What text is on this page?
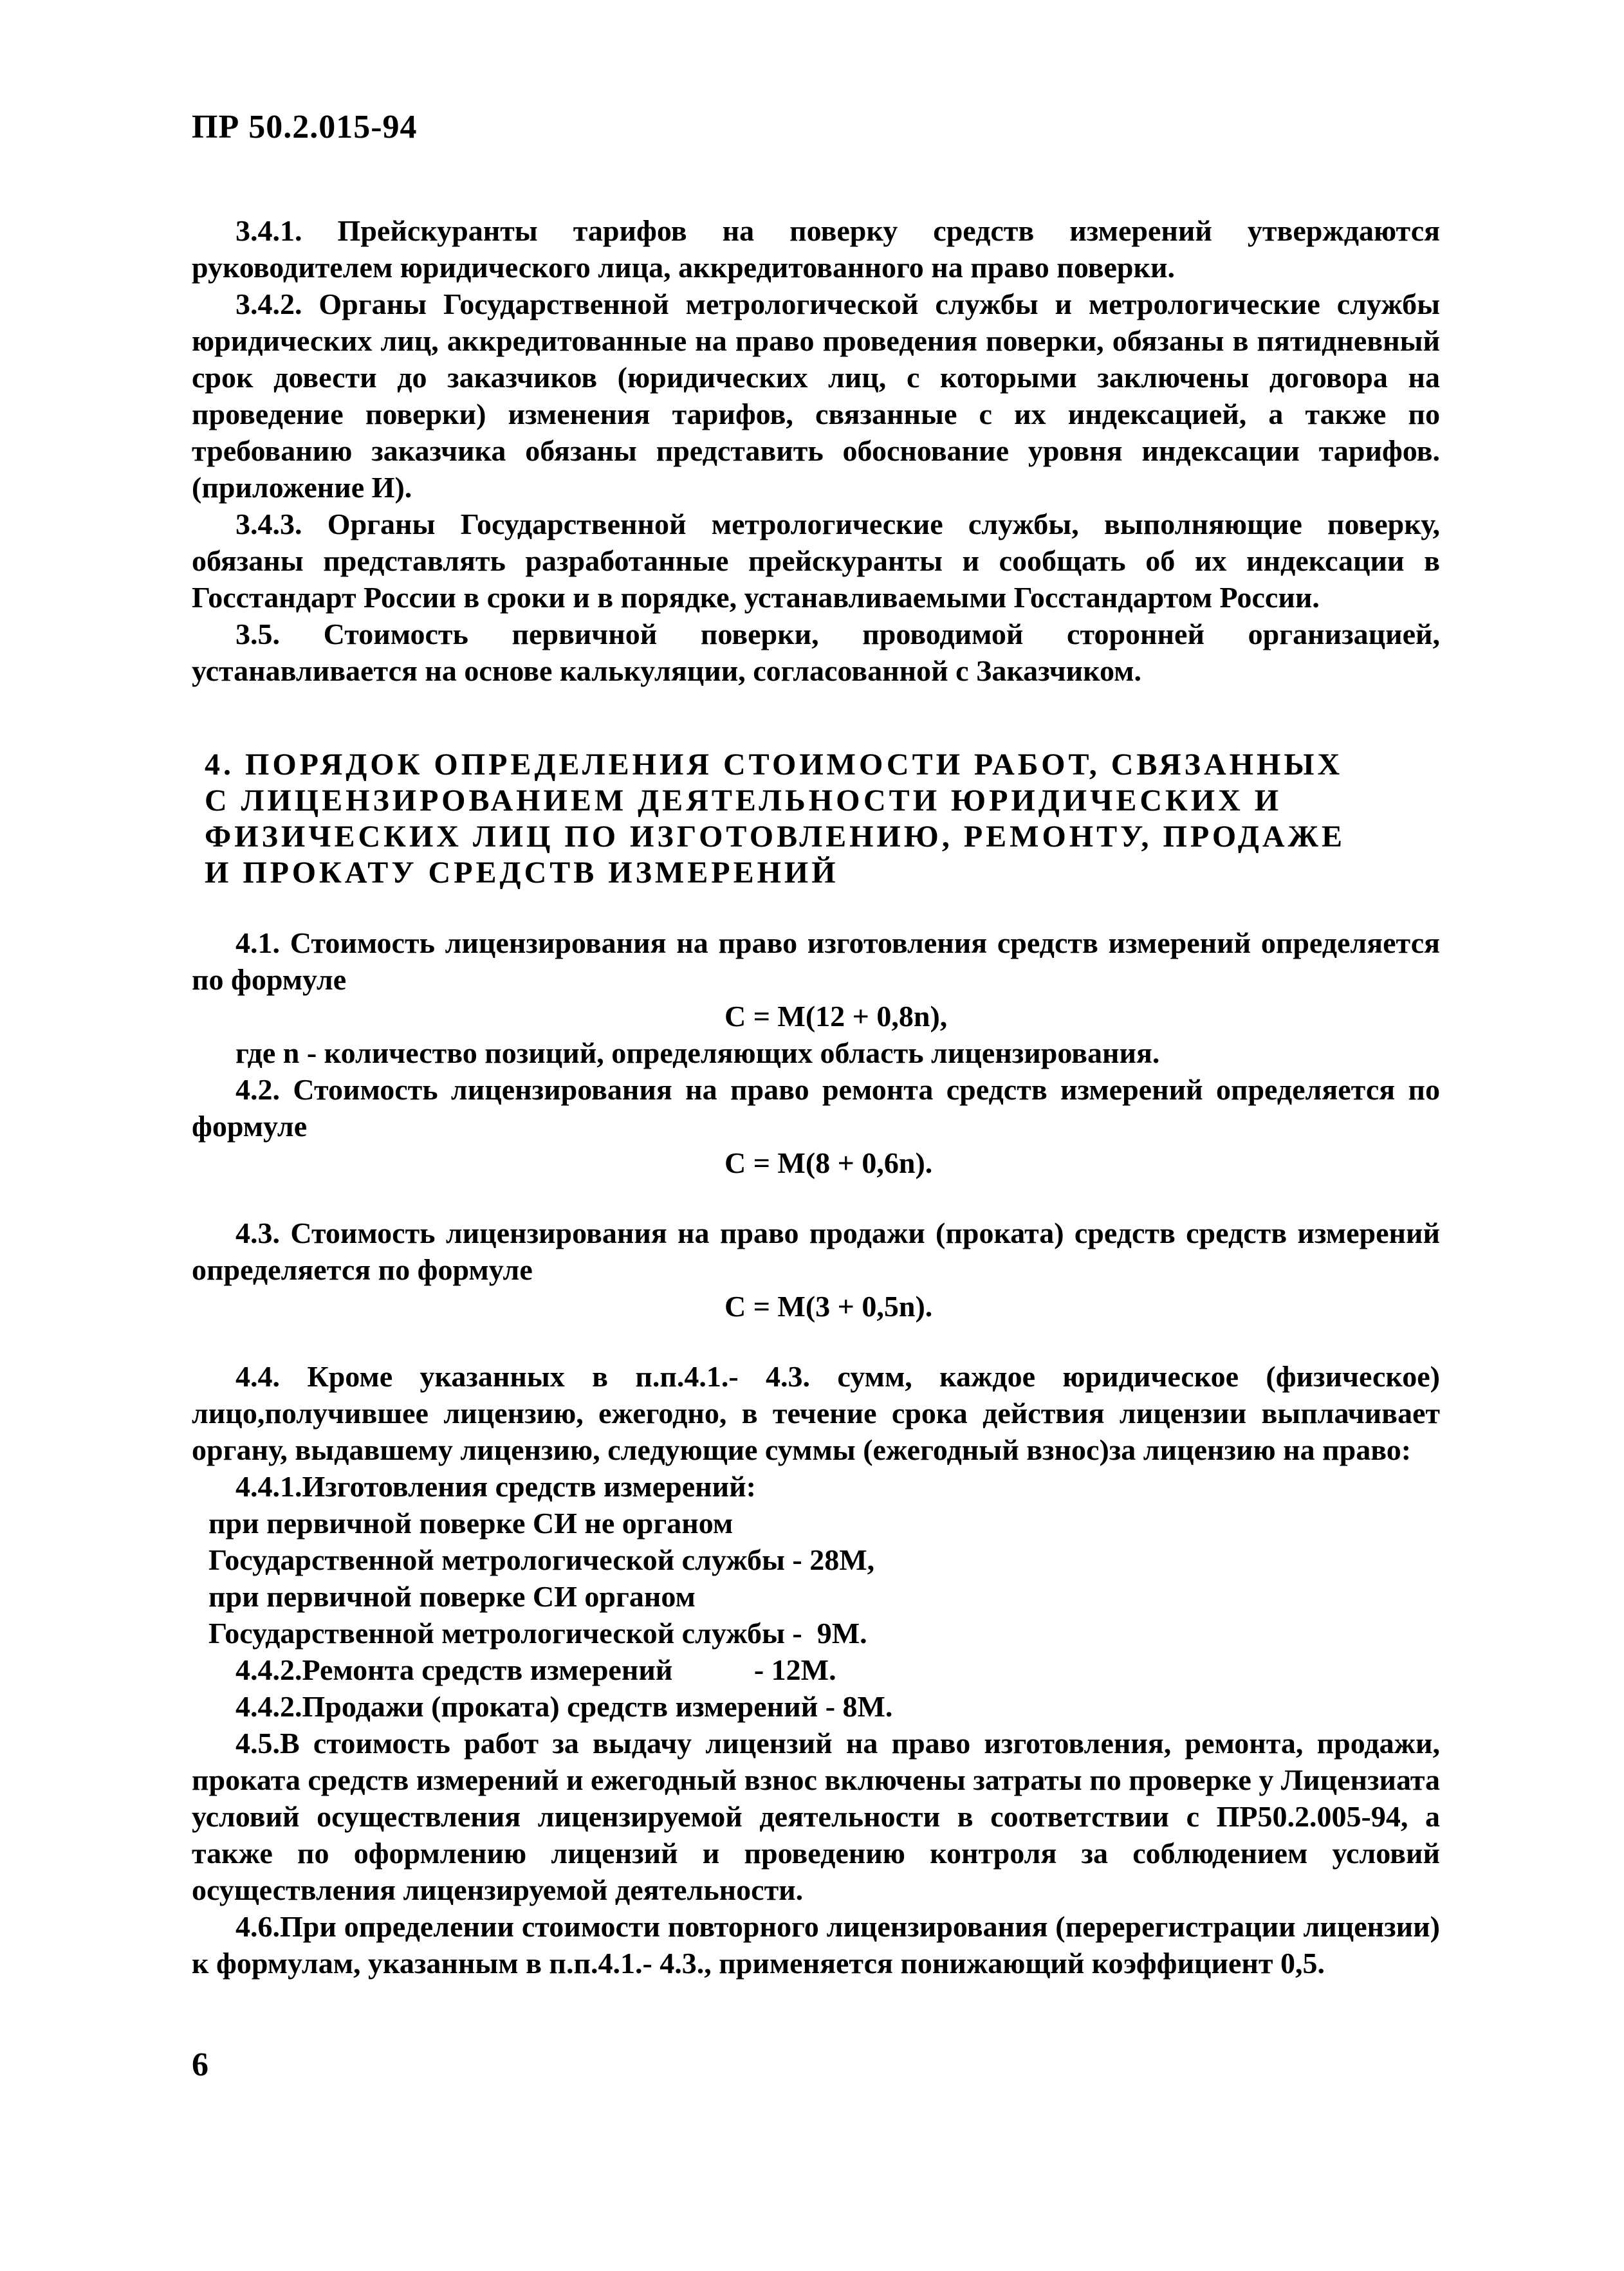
ПР 50.2.015-94

3.4.1. Прейскуранты тарифов на поверку средств измерений утверждаются руководителем юридического лица, аккредитованного на право поверки.

3.4.2. Органы Государственной метрологической службы и метрологические службы юридических лиц, аккредитованные на право проведения поверки, обязаны в пятидневный срок довести до заказчиков (юридических лиц, с которыми заключены договора на проведение поверки) изменения тарифов, связанные с их индексацией, а также по требованию заказчика обязаны представить обоснование уровня индексации тарифов. (приложение И).

3.4.3. Органы Государственной метрологические службы, выполняющие поверку, обязаны представлять разработанные прейскуранты и сообщать об их индексации в Госстандарт России в сроки и в порядке, устанавливаемыми Госстандартом России.

3.5. Стоимость первичной поверки, проводимой сторонней организацией, устанавливается на основе калькуляции, согласованной с Заказчиком.

4. ПОРЯДОК ОПРЕДЕЛЕНИЯ СТОИМОСТИ РАБОТ, СВЯЗАННЫХ

С ЛИЦЕНЗИРОВАНИЕМ ДЕЯТЕЛЬНОСТИ ЮРИДИЧЕСКИХ И

ФИЗИЧЕСКИХ ЛИЦ ПО ИЗГОТОВЛЕНИЮ, РЕМОНТУ, ПРОДАЖЕ

И ПРОКАТУ СРЕДСТВ ИЗМЕРЕНИЙ

4.1. Стоимость лицензирования на право изготовления средств измерений определяется по формуле

C = M(12 + 0,8n),

где n - количество позиций, определяющих область лицензирования.

4.2. Стоимость лицензирования на право ремонта средств измерений определяется по формуле

C = M(8 + 0,6n).

4.3. Стоимость лицензирования на право продажи (проката) средств средств измерений определяется по формуле

C = M(3 + 0,5n).

4.4. Кроме указанных в п.п.4.1.- 4.3. сумм, каждое юридическое (физическое) лицо,получившее лицензию, ежегодно, в течение срока действия лицензии выплачивает органу, выдавшему лицензию, следующие суммы (ежегодный взнос)за лицензию на право:

4.4.1.Изготовления средств измерений:

при первичной поверке СИ не органом

Государственной метрологической службы - 28М,

при первичной поверке СИ органом

Государственной метрологической службы -  9М.

4.4.2.Ремонта средств измерений           - 12М.

4.4.2.Продажи (проката) средств измерений - 8М.

4.5.В стоимость работ за выдачу лицензий на право изготовления, ремонта, продажи, проката средств измерений и ежегодный взнос включены затраты по проверке у Лицензиата условий осуществления лицензируемой деятельности в соответствии с ПР50.2.005-94, а также по оформлению лицензий и проведению контроля за соблюдением условий осуществления лицензируемой деятельности.

4.6.При определении стоимости повторного лицензирования (перерегистрации лицензии) к формулам, указанным в п.п.4.1.- 4.3., применяется понижающий коэффициент 0,5.

6
